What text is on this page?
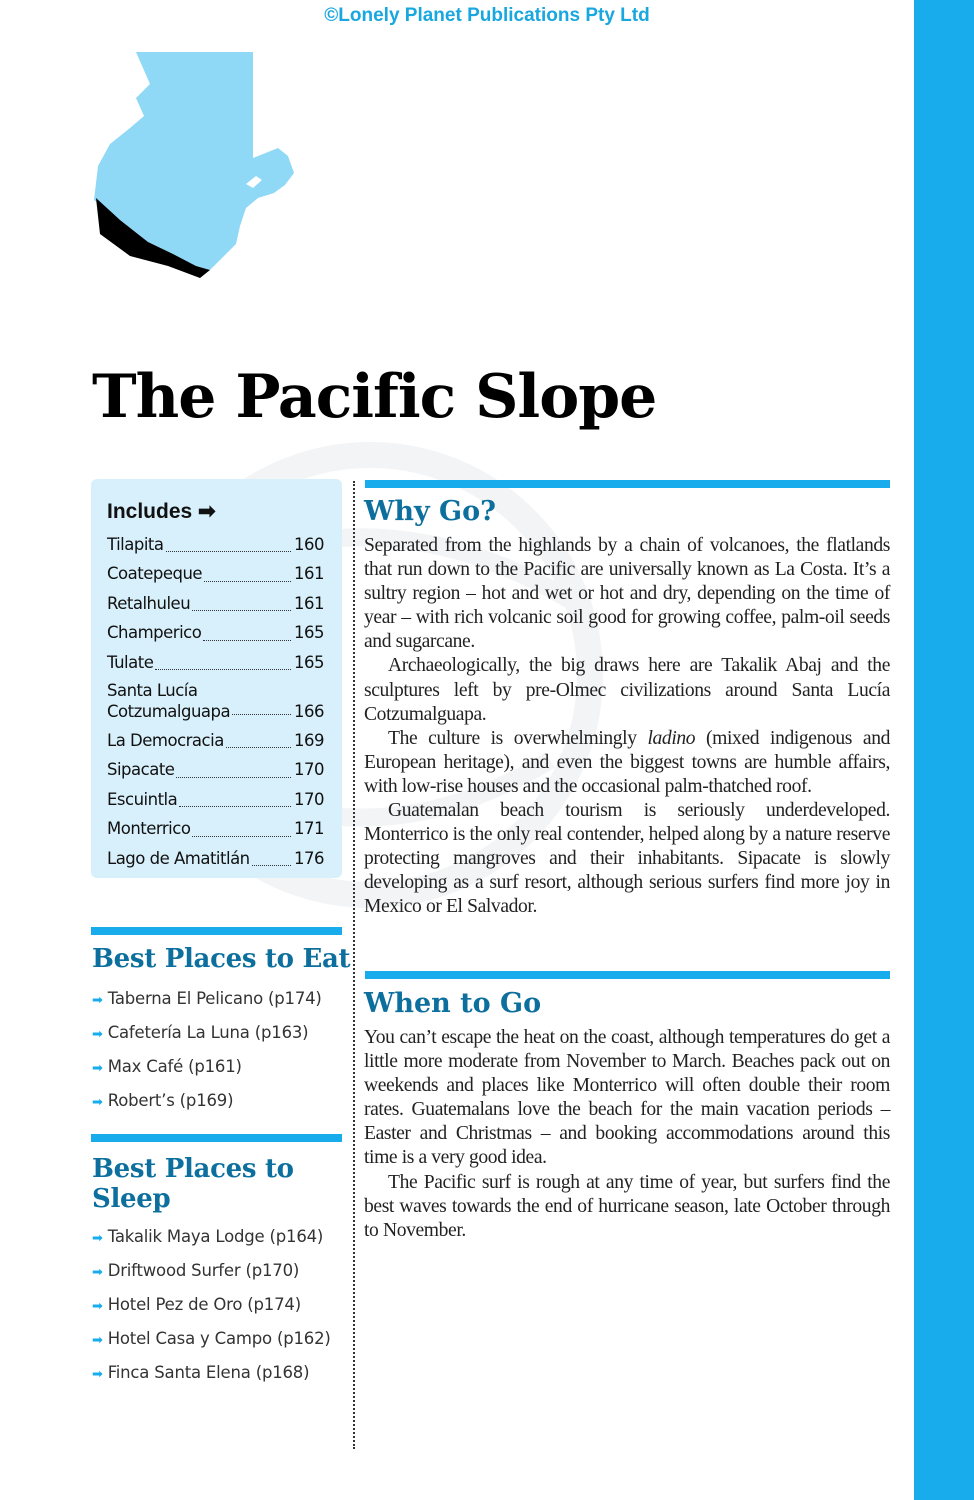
©Lonely Planet Publications Pty Ltd
The Pacific Slope
Includes ➡
Tilapita	160
Coatepeque	161
Retalhuleu	161
Champerico	165
Tulate	165
Santa Lucía
Cotzumalguapa	166
La Democracia	169
Sipacate	170
Escuintla	170
Monterrico	171
Lago de Amatitlán	176
Best Places to Eat
➡ Taberna El Pelicano (p174)
➡ Cafetería La Luna (p163)
➡ Max Café (p161)
➡ Robert’s (p169)
Best Places to Sleep
➡ Takalik Maya Lodge (p164)
➡ Driftwood Surfer (p170)
➡ Hotel Pez de Oro (p174)
➡ Hotel Casa y Campo (p162)
➡ Finca Santa Elena (p168)
Why Go?

Separated from the highlands by a chain of volcanoes, the flatlands that run down to the Pacific are universally known as La Costa. It’s a sultry region – hot and wet or hot and dry, depending on the time of year – with rich volcanic soil good for growing coffee, palm-oil seeds and sugarcane.

Archaeologically, the big draws here are Takalik Abaj and the sculptures left by pre-Olmec civilizations around Santa Lucía Cotzumalguapa.

The culture is overwhelmingly ladino (mixed indigenous and European heritage), and even the biggest towns are humble affairs, with low-rise houses and the occasional palm-thatched roof.

Guatemalan beach tourism is seriously underdeveloped. Monterrico is the only real contender, helped along by a nature reserve protecting mangroves and their inhabitants. Sipacate is slowly developing as a surf resort, although serious surfers find more joy in Mexico or El Salvador.

When to Go

You can’t escape the heat on the coast, although temperatures do get a little more moderate from November to March. Beaches pack out on weekends and places like Monterrico will often double their room rates. Guatemalans love the beach for the main vacation periods – Easter and Christmas – and booking accommodations around this time is a very good idea.

The Pacific surf is rough at any time of year, but surfers find the best waves towards the end of hurricane season, late October through to November.
